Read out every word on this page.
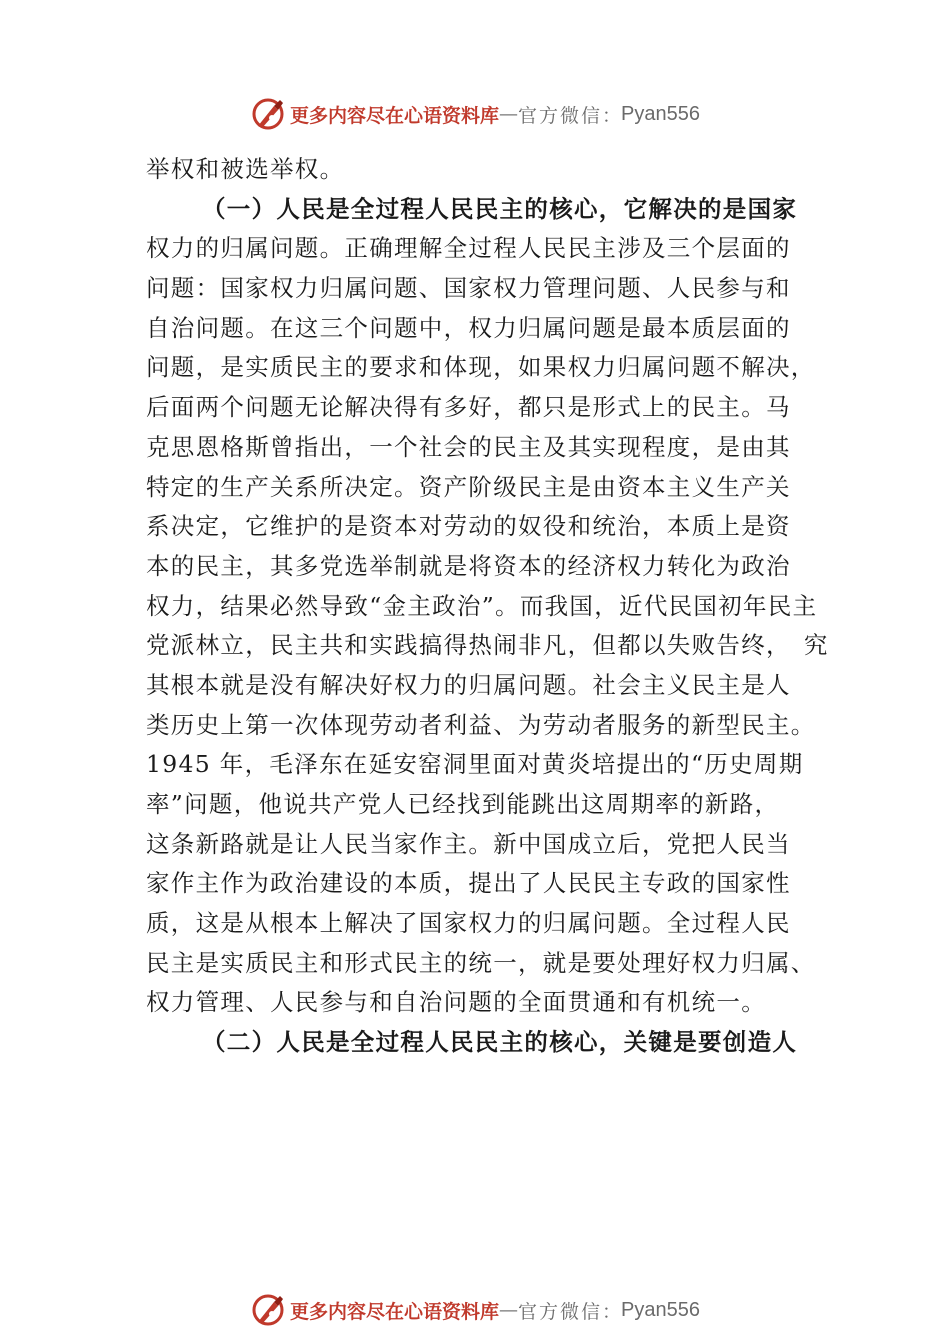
更多内容尽在心语资料库 — 官方微信 ： Pyan556
举权和被选举权。
（一）人民是全过程人民民主的核心，它解决的是国家
权力的归属问题。正确理解全过程人民民主涉及三个层面的
问题：国家权力归属问题、国家权力管理问题、人民参与和
自治问题。在这三个问题中，权力归属问题是最本质层面的
问题，是实质民主的要求和体现，如果权力归属问题不解决，
后面两个问题无论解决得有多好，都只是形式上的民主。马
克思恩格斯曾指出，一个社会的民主及其实现程度，是由其
特定的生产关系所决定。资产阶级民主是由资本主义生产关
系决定，它维护的是资本对劳动的奴役和统治，本质上是资
本的民主，其多党选举制就是将资本的经济权力转化为政治
权力，结果必然导致“金主政治”。而我国，近代民国初年民主
党派林立，民主共和实践搞得热闹非凡，但都以失败告终，　究
其根本就是没有解决好权力的归属问题。社会主义民主是人
类历史上第一次体现劳动者利益、为劳动者服务的新型民主。
1945 年，毛泽东在延安窑洞里面对黄炎培提出的“历史周期
率”问题，他说共产党人已经找到能跳出这周期率的新路，
这条新路就是让人民当家作主。新中国成立后，党把人民当
家作主作为政治建设的本质，提出了人民民主专政的国家性
质，这是从根本上解决了国家权力的归属问题。全过程人民
民主是实质民主和形式民主的统一，就是要处理好权力归属、
权力管理、人民参与和自治问题的全面贯通和有机统一。
（二）人民是全过程人民民主的核心，关键是要创造人
更多内容尽在心语资料库 — 官方微信 ： Pyan556
